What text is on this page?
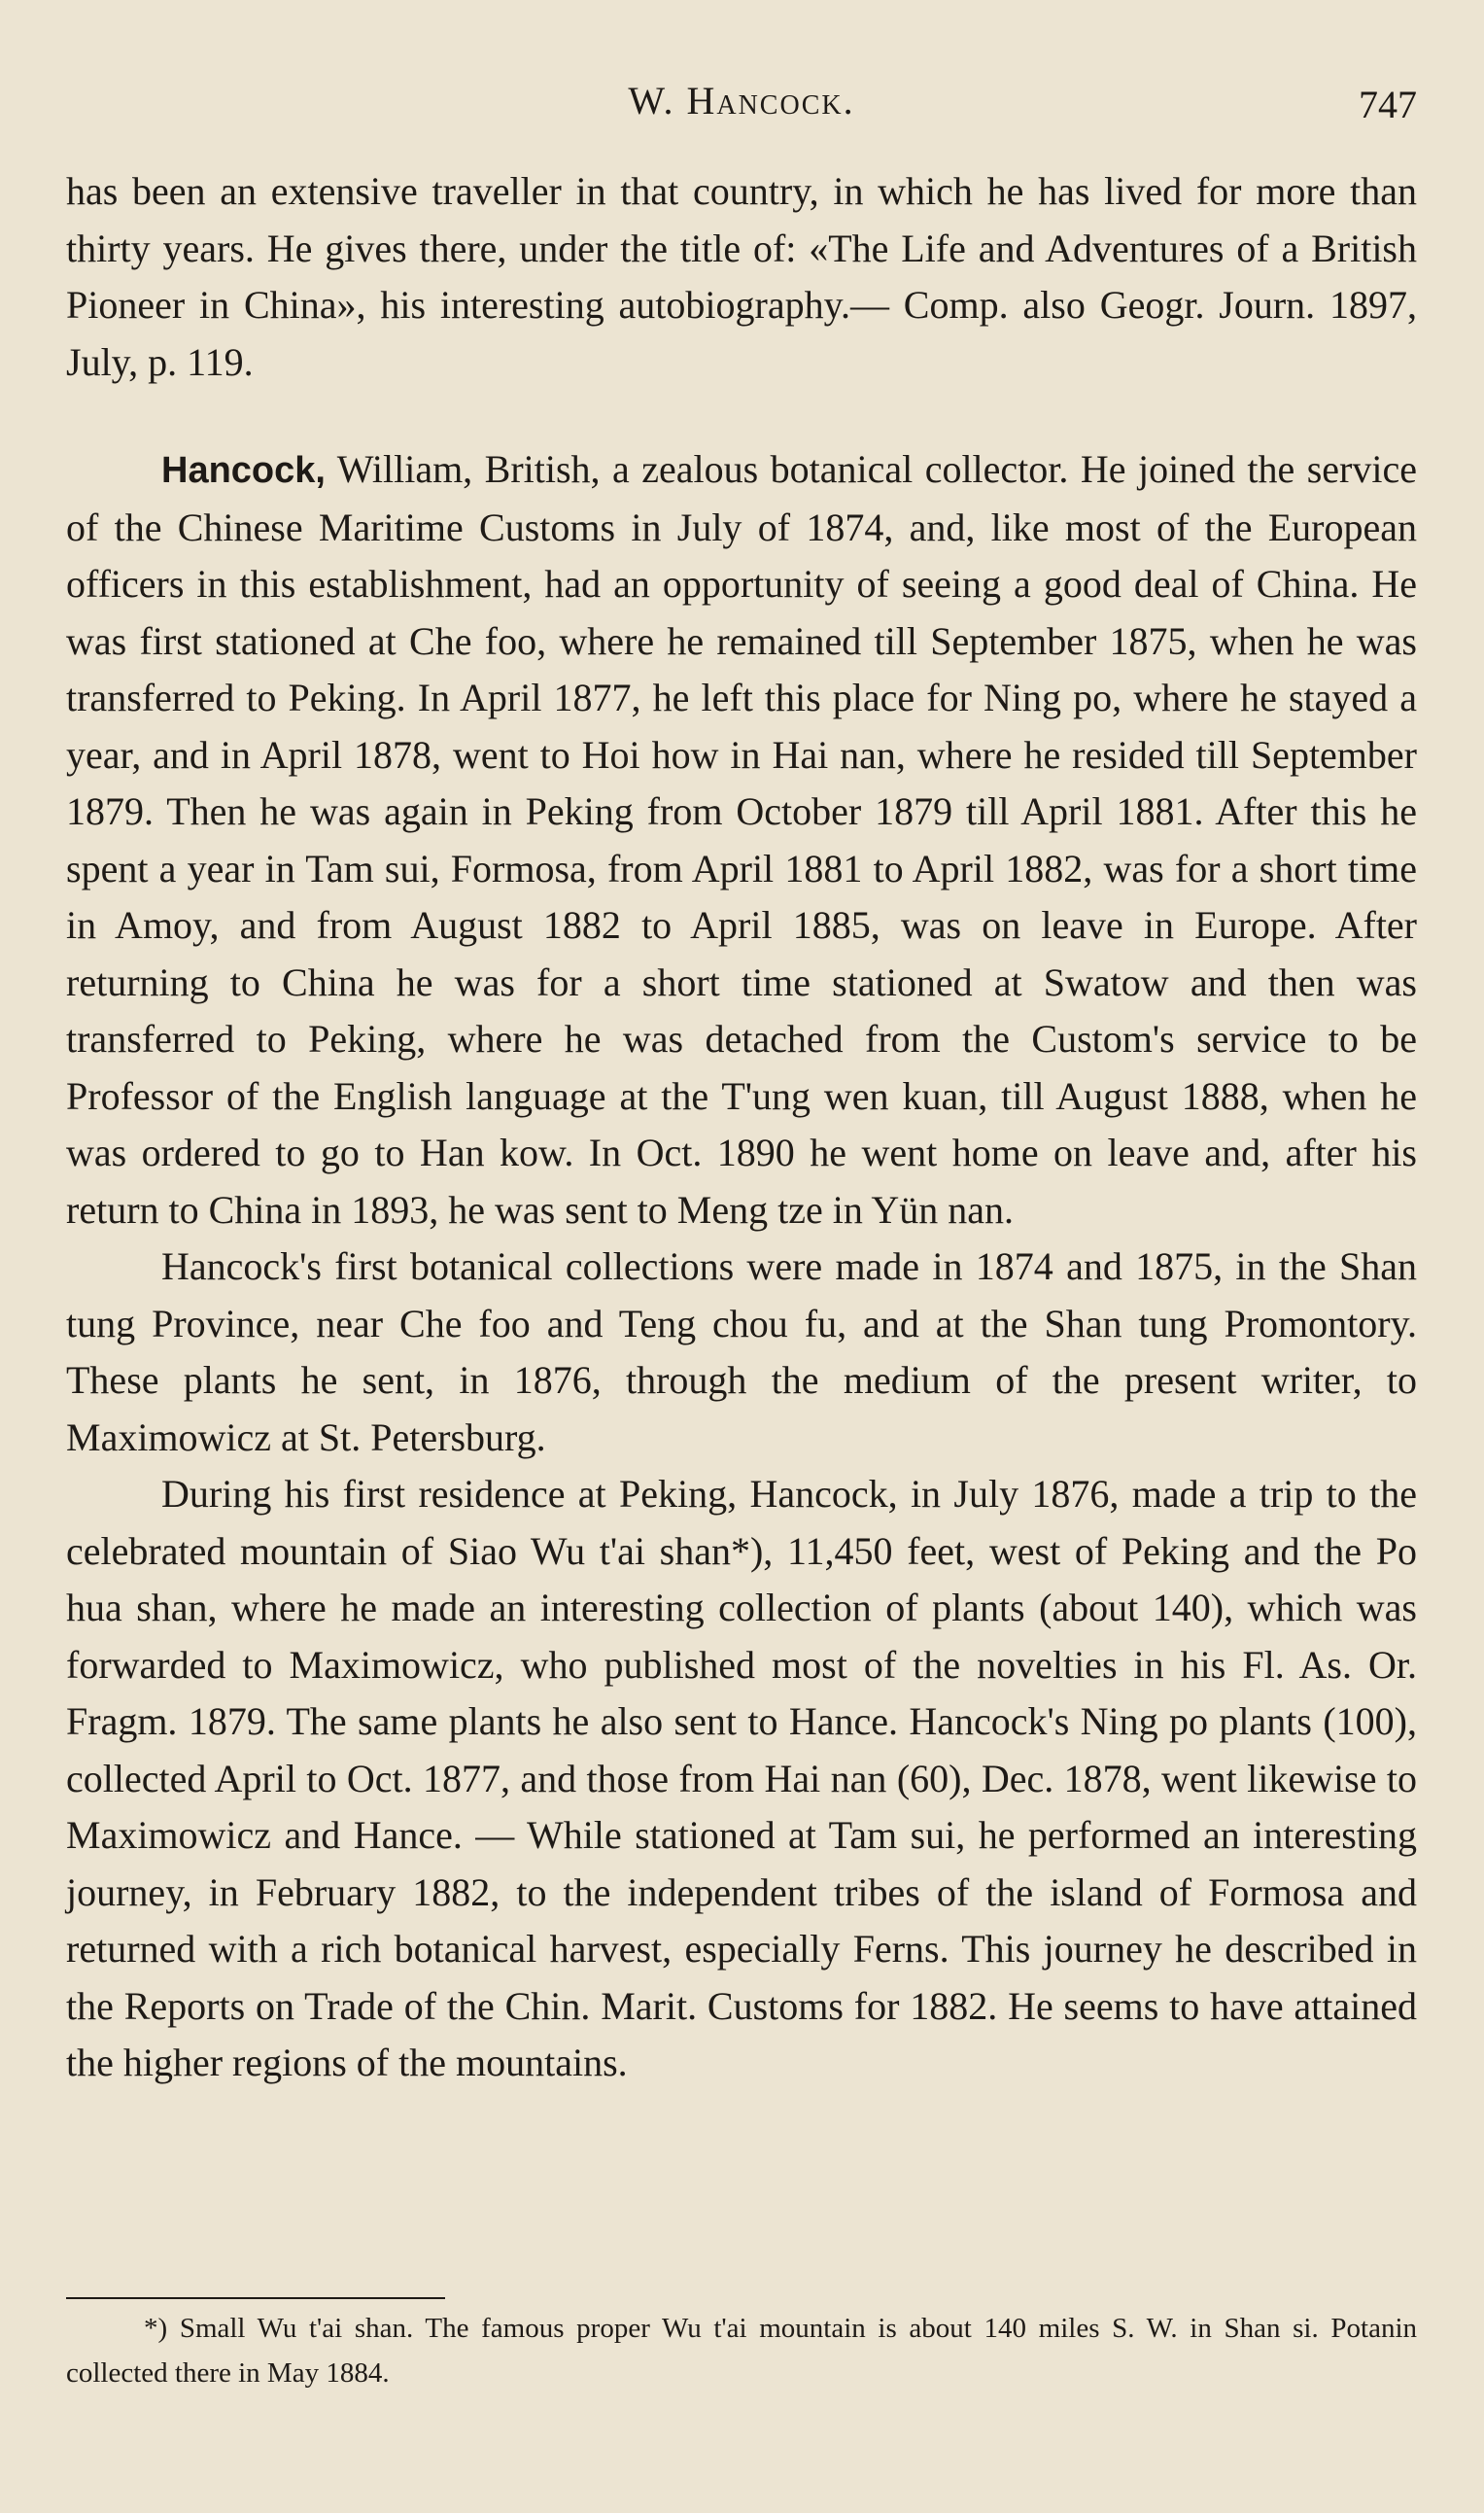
W. Hancock.	747

has been an extensive traveller in that country, in which he has lived for more than thirty years. He gives there, under the title of: «The Life and Adventures of a British Pioneer in China», his interesting autobiography.— Comp. also Geogr. Journ. 1897, July, p. 119.

Hancock, William, British, a zealous botanical collector. He joined the service of the Chinese Maritime Customs in July of 1874, and, like most of the European officers in this establishment, had an opportunity of seeing a good deal of China. He was first stationed at Che foo, where he remained till September 1875, when he was transferred to Peking. In April 1877, he left this place for Ning po, where he stayed a year, and in April 1878, went to Hoi how in Hai nan, where he resided till September 1879. Then he was again in Peking from October 1879 till April 1881. After this he spent a year in Tam sui, Formosa, from April 1881 to April 1882, was for a short time in Amoy, and from August 1882 to April 1885, was on leave in Europe. After returning to China he was for a short time stationed at Swatow and then was transferred to Peking, where he was detached from the Custom's service to be Professor of the English language at the T'ung wen kuan, till August 1888, when he was ordered to go to Han kow. In Oct. 1890 he went home on leave and, after his return to China in 1893, he was sent to Meng tze in Yün nan.

Hancock's first botanical collections were made in 1874 and 1875, in the Shan tung Province, near Che foo and Teng chou fu, and at the Shan tung Promontory. These plants he sent, in 1876, through the medium of the present writer, to Maximowicz at St. Petersburg.

During his first residence at Peking, Hancock, in July 1876, made a trip to the celebrated mountain of Siao Wu t'ai shan*), 11,450 feet, west of Peking and the Po hua shan, where he made an interesting collection of plants (about 140), which was forwarded to Maximowicz, who published most of the novelties in his Fl. As. Or. Fragm. 1879. The same plants he also sent to Hance. Hancock's Ning po plants (100), collected April to Oct. 1877, and those from Hai nan (60), Dec. 1878, went likewise to Maximowicz and Hance. — While stationed at Tam sui, he performed an interesting journey, in February 1882, to the independent tribes of the island of Formosa and returned with a rich botanical harvest, especially Ferns. This journey he described in the Reports on Trade of the Chin. Marit. Customs for 1882. He seems to have attained the higher regions of the mountains.

*) Small Wu t'ai shan. The famous proper Wu t'ai mountain is about 140 miles S. W. in Shan si. Potanin collected there in May 1884.
